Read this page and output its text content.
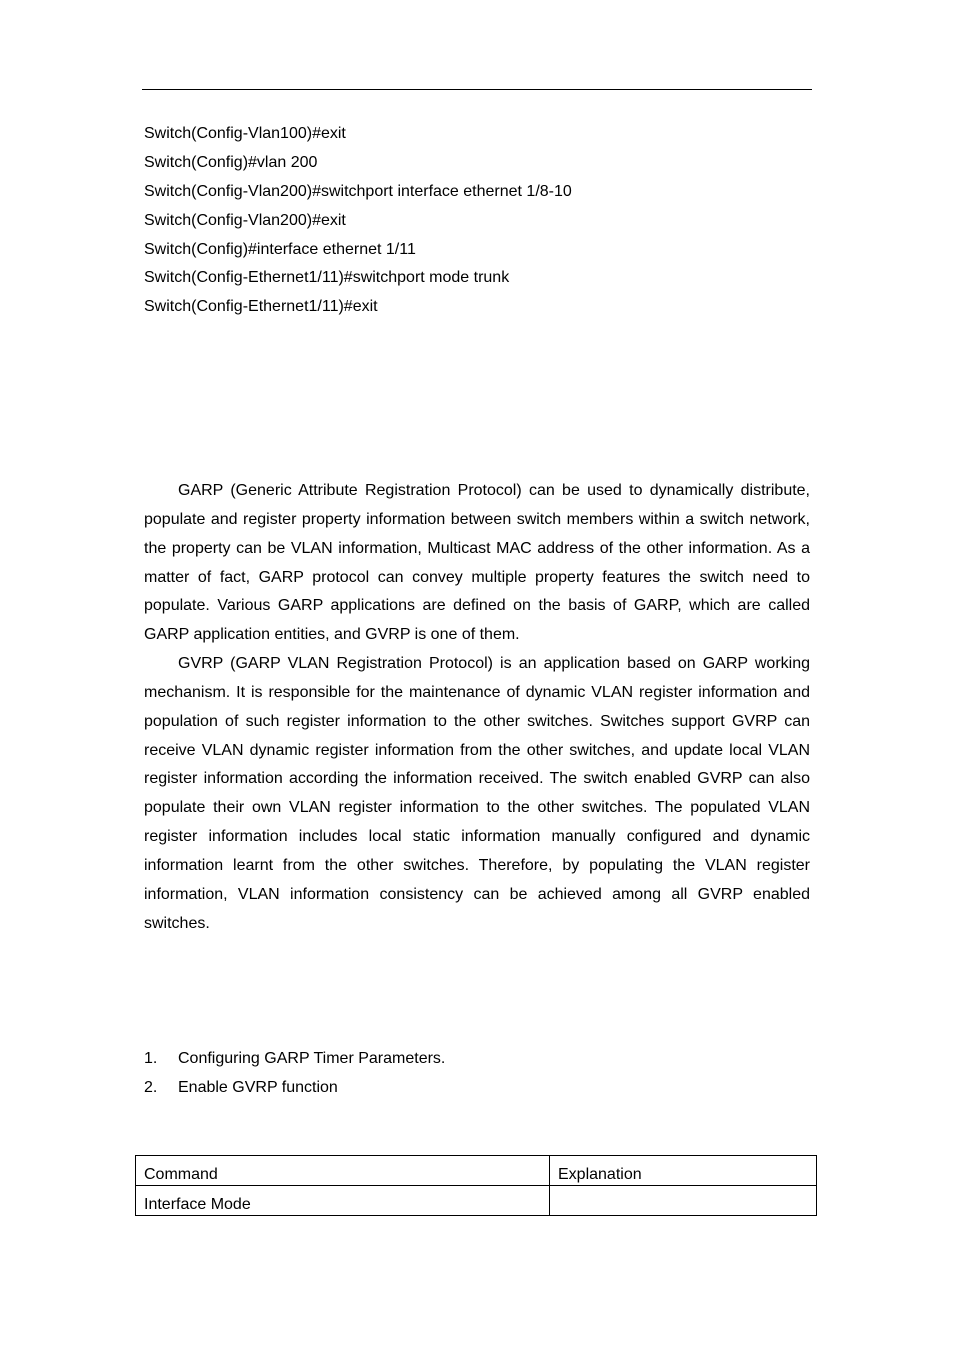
Switch(Config-Vlan100)#exit
Switch(Config)#vlan 200
Switch(Config-Vlan200)#switchport interface ethernet 1/8-10
Switch(Config-Vlan200)#exit
Switch(Config)#interface ethernet 1/11
Switch(Config-Ethernet1/11)#switchport mode trunk
Switch(Config-Ethernet1/11)#exit

GARP (Generic Attribute Registration Protocol) can be used to dynamically distribute, populate and register property information between switch members within a switch network, the property can be VLAN information, Multicast MAC address of the other information. As a matter of fact, GARP protocol can convey multiple property features the switch need to populate. Various GARP applications are defined on the basis of GARP, which are called GARP application entities, and GVRP is one of them.

GVRP (GARP VLAN Registration Protocol) is an application based on GARP working mechanism. It is responsible for the maintenance of dynamic VLAN register information and population of such register information to the other switches. Switches support GVRP can receive VLAN dynamic register information from the other switches, and update local VLAN register information according the information received. The switch enabled GVRP can also populate their own VLAN register information to the other switches. The populated VLAN register information includes local static information manually configured and dynamic information learnt from the other switches. Therefore, by populating the VLAN register information, VLAN information consistency can be achieved among all GVRP enabled switches.

1.	Configuring GARP Timer Parameters.
2.	Enable GVRP function
Command	Explanation
Interface Mode	
